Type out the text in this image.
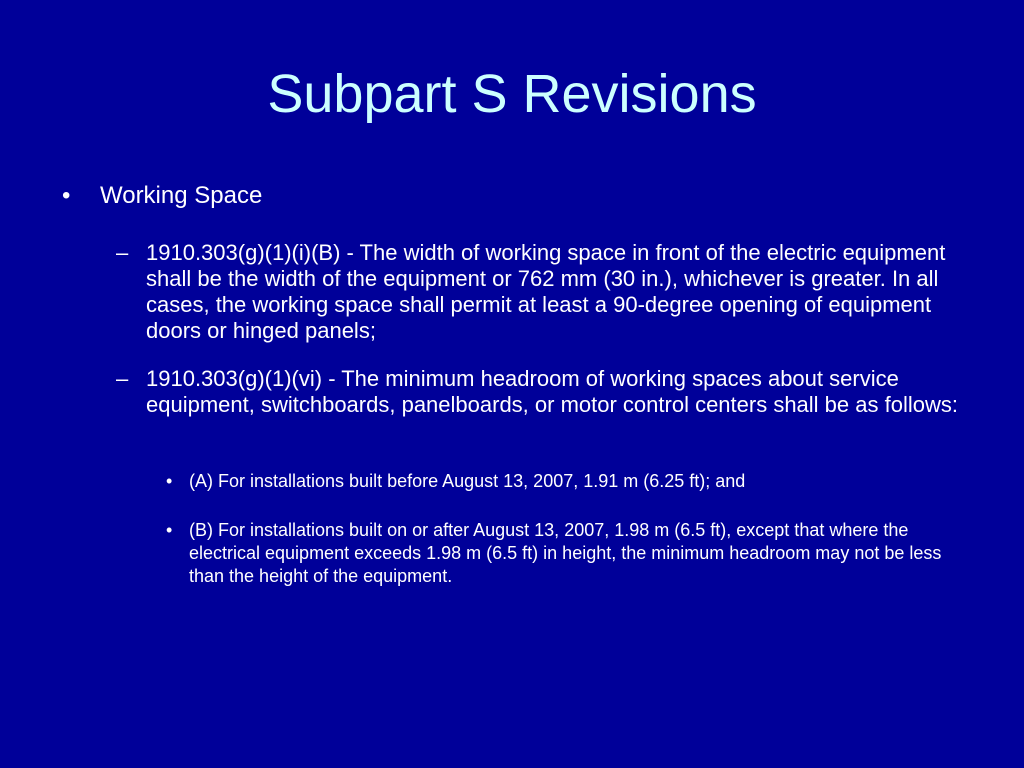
Subpart S Revisions
• Working Space

– 1910.303(g)(1)(i)(B) - The width of working space in front of the electric equipment shall be the width of the equipment or 762 mm (30 in.), whichever is greater. In all cases, the working space shall permit at least a 90-degree opening of equipment doors or hinged panels;

– 1910.303(g)(1)(vi) - The minimum headroom of working spaces about service equipment, switchboards, panelboards, or motor control centers shall be as follows:

• (A) For installations built before August 13, 2007, 1.91 m (6.25 ft); and

• (B) For installations built on or after August 13, 2007, 1.98 m (6.5 ft), except that where the electrical equipment exceeds 1.98 m (6.5 ft) in height, the minimum headroom may not be less than the height of the equipment.
